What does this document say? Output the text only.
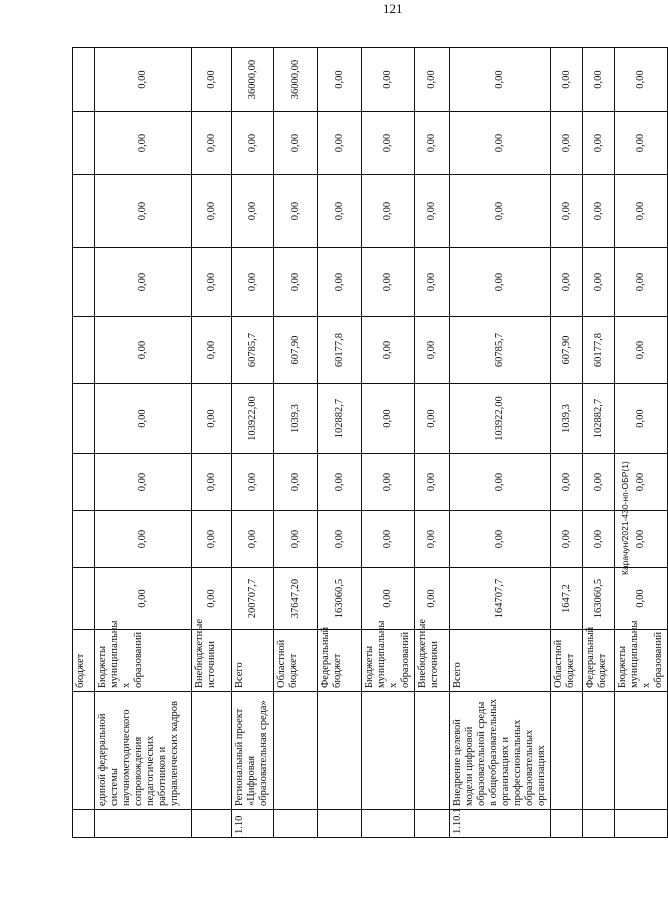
		бюджет									
	единой федеральной системы научнометодического сопровождения педагогических работников и управленческих кадров	Бюджеты муниципальны х образований	0,00	0,00	0,00	0,00	0,00	0,00	0,00	0,00	0,00
		Внебюджетные источники	0,00	0,00	0,00	0,00	0,00	0,00	0,00	0,00	0,00
1.10	Региональный проект «Цифровая образовательная среда»	Всего	200707,7	0,00	0,00	103922,00	60785,7	0,00	0,00	0,00	36000,00
		Областной бюджет	37647,20	0,00	0,00	1039,3	607,90	0,00	0,00	0,00	36000,00
		Федеральный бюджет	163060,5	0,00	0,00	102882,7	60177,8	0,00	0,00	0,00	0,00
		Бюджеты муниципальны х образований	0,00	0,00	0,00	0,00	0,00	0,00	0,00	0,00	0,00
		Внебюджетные источники	0,00	0,00	0,00	0,00	0,00	0,00	0,00	0,00	0,00
1.10.1	Внедрение целевой модели цифровой образовательной среды в общеобразовательных организациях и профессиональных образовательных организациях	Всего	164707,7	0,00	0,00	103922,00	60785,7	0,00	0,00	0,00	0,00
		Областной бюджет	1647,2	0,00	0,00	1039,3	607,90	0,00	0,00	0,00	0,00
		Федеральный бюджет	163060,5	0,00	0,00	102882,7	60177,8	0,00	0,00	0,00	0,00
		Бюджеты муниципальны х образований	0,00	0,00	0,00	0,00	0,00	0,00	0,00	0,00	0,00
121
Карачун/2021-430-нп-ОБР(1)
